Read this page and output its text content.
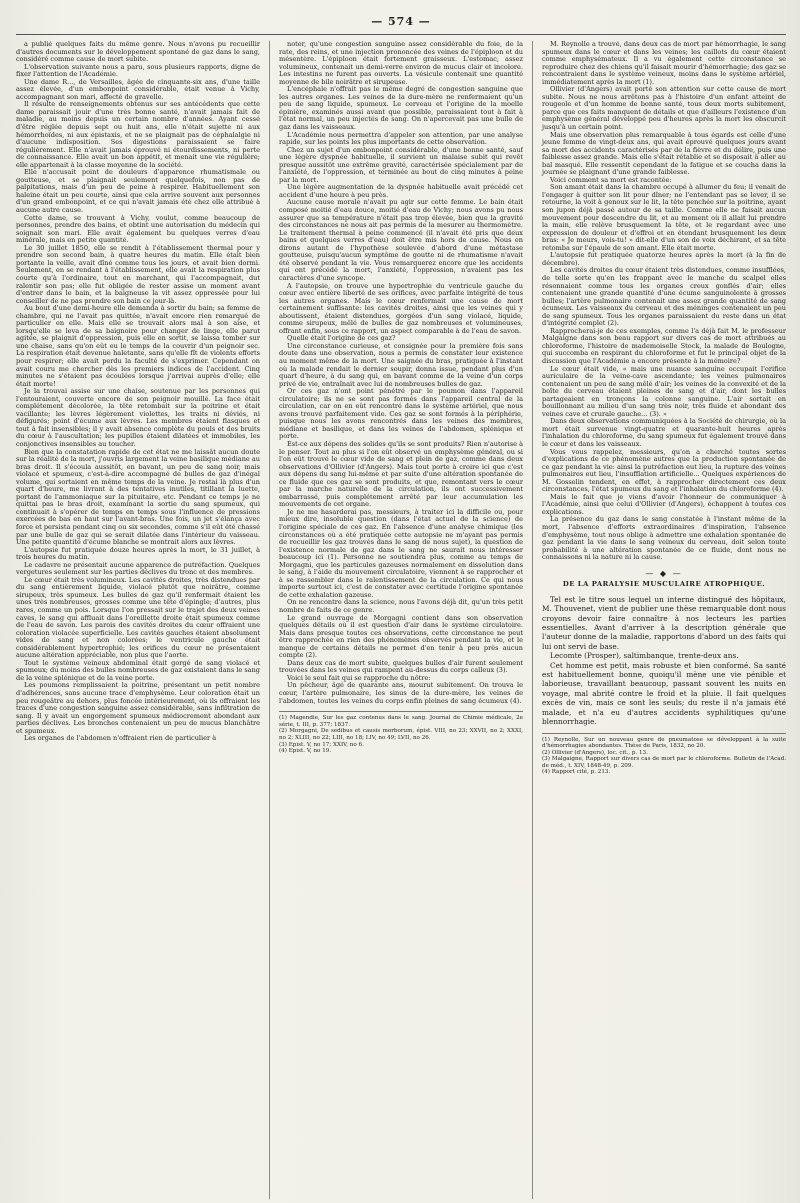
— 574 —

a publié quelques faits du même genre. Nous n'avons pu recueillir d'autres documents sur le développement spontané de gaz dans le sang, considéré comme cause de mort subite.

L'observation suivante nous a paru, sous plusieurs rapports, digne de fixer l'attention de l'Académie.

Une dame R..., de Versailles, âgée de cinquante-six ans, d'une taille assez élevée, d'un embonpoint considérable, était venue à Vichy, accompagnant son mari, affecté de gravelle.

Il résulte de renseignements obtenus sur ses antécédents que cette dame paraissait jouir d'une très bonne santé, n'avait jamais fait de maladie, au moins depuis un certain nombre d'années. Ayant cessé d'être réglée depuis sept ou huit ans, elle n'était sujette ni aux hémorrhoïdes, ni aux épistaxis, et ne se plaignait pas de céphalalgie ni d'aucune indisposition. Ses digestions paraissaient se faire régulièrement. Elle n'avait jamais éprouvé ni étourdissements, ni perte de connaissance. Elle avait un bon appétit, et menait une vie régulière; elle appartenait à la classe moyenne de la société.

Elle n'accusait point de douleurs d'apparence rhumatismale ou goutteuse, et se plaignait seulement quelquefois, non pas de palpitations, mais d'un peu de peine à respirer. Habituellement son haleine était un peu courte, ainsi que cela arrive souvent aux personnes d'un grand embonpoint, et ce qui n'avait jamais été chez elle attribué à aucune autre cause.

Cette dame, se trouvant à Vichy, voulut, comme beaucoup de personnes, prendre des bains, et obtint une autorisation du médecin qui soignait son mari. Elle avait également bu quelques verres d'eau minérale, mais en petite quantité.

Le 30 juillet 1850, elle se rendit à l'établissement thermal pour y prendre son second bain, à quatre heures du matin. Elle était bien portante la veille, avait dîné comme tous les jours, et avait bien dormi. Seulement, en se rendant à l'établissement, elle avait la respiration plus courte qu'à l'ordinaire, tout en marchant, qui l'accompagnait, dut ralentir son pas; elle fut obligée de rester assise un moment avant d'entrer dans le bain, et la baigneuse la vit assez oppressée pour lui conseiller de ne pas prendre son bain ce jour-là.

Au bout d'une demi-heure elle demanda à sortir du bain; sa femme de chambre, qui ne l'avait pas quittée, n'avait encore rien remarqué de particulier en elle. Mais elle se trouvait alors mal à son aise, et lorsqu'elle se leva de sa baignoire pour changer de linge, elle parut agitée, se plaignit d'oppression, puis elle en sortit, se laissa tomber sur une chaise, sans qu'on eût eu le temps de la couvrir d'un peignoir sec. La respiration était devenue haletante, sans qu'elle fît de violents efforts pour respirer; elle avait perdu la faculté de s'exprimer. Cependant on avait couru me chercher dès les premiers indices de l'accident. Cinq minutes ne s'étaient pas écoulées lorsque j'arrivai auprès d'elle; elle était morte!

Je la trouvai assise sur une chaise, soutenue par les personnes qui l'entouraient, couverte encore de son peignoir mouillé. La face était complétement décolorée, la tête retombait sur la poitrine et était vacillante; les lèvres légèrement violettes, les traits ni déviés, ni défigurés; point d'écume aux lèvres. Les membres étaient flasques et tout à fait insensibles; il y avait absence complète du pouls et des bruits du cœur à l'auscultation; les pupilles étaient dilatées et immobiles, les conjonctives insensibles au toucher.

Bien que la constatation rapide de cet état ne me laissât aucun doute sur la réalité de la mort, j'ouvris largement la veine basilique médiane au bras droit. Il s'écoula aussitôt, en bavant, un peu de sang noir, mais violacé et spumeux, c'est-à-dire accompagné de bulles de gaz d'inégal volume, qui sortaient en même temps de la veine. Je restai là plus d'un quart d'heure, me livrant à des tentatives inutiles, titillant la luette, portant de l'ammoniaque sur la pituitaire, etc. Pendant ce temps je ne quittai pas le bras droit, examinant la sortie du sang spumeux, qui continuait à s'opérer de temps en temps sous l'influence de pressions exercées de bas en haut sur l'avant-bras. Une fois, un jet s'élança avec force et persista pendant cinq ou six secondes, comme s'il eût été chassé par une bulle de gaz qui se serait dilatée dans l'intérieur du vaisseau. Une petite quantité d'écume blanche se montrait alors aux lèvres.

L'autopsie fut pratiquée douze heures après la mort, le 31 juillet, à trois heures du matin.

Le cadavre ne présentait aucune apparence de putréfaction. Quelques vergetures seulement sur les parties déclives du tronc et des membres.

Le cœur était très volumineux. Les cavités droites, très distendues par du sang entièrement liquide, violacé plutôt que noirâtre, comme sirupeux, très spumeux. Les bulles de gaz qu'il renfermait étaient les unes très nombreuses, grosses comme une tête d'épingle; d'autres, plus rares, comme un pois. Lorsque l'on pressait sur le trajet des deux veines caves, le sang qui affluait dans l'oreillette droite était spumeux comme de l'eau de savon. Les parois des cavités droites du cœur offraient une coloration violacée superficielle. Les cavités gauches étaient absolument vides de sang et non colorées; le ventricule gauche était considérablement hypertrophié; les orifices du cœur ne présentaient aucune altération appréciable, non plus que l'aorte.

Tout le système veineux abdominal était gorgé de sang violacé et spumeux; du moins des bulles nombreuses de gaz existaient dans le sang de la veine splénique et de la veine porte.

Les poumons remplissaient la poitrine, présentant un petit nombre d'adhérences, sans aucune trace d'emphysème. Leur coloration était un peu rougeâtre au dehors, plus foncée intérieurement, où ils offraient les traces d'une congestion sanguine assez considérable, sans infiltration de sang. Il y avait un engorgement spumeux médiocrement abondant aux parties déclives. Les bronches contenaient un peu de mucus blanchâtre et spumeux.

Les organes de l'abdomen n'offraient rien de particulier à

noter, qu'une congestion sanguine assez considérable du foie, de la rate, des reins, et une injection prononcée des veines de l'épiploon et du mésentère. L'épiploon était fortement graisseux. L'estomac, assez volumineux, contenait un demi-verre environ de mucus clair et incolore. Les intestins ne furent pas ouverts. La vésicule contenait une quantité moyenne de bile noirâtre et sirupeuse.

L'encéphale n'offrait pas le même degré de congestion sanguine que les autres organes. Les veines de la dure-mère ne renfermaient qu'un peu de sang liquide, spumeux. Le cerveau et l'origine de la moelle épinière, examinés aussi avant que possible, paraissaient tout à fait à l'état normal, un peu injectés de sang. On n'apercevait pas une bulle de gaz dans les vaisseaux.

L'Académie nous permettra d'appeler son attention, par une analyse rapide, sur les points les plus importants de cette observation.

Chez un sujet d'un embonpoint considérable, d'une bonne santé, sauf une légère dyspnée habituelle, il survient un malaise subit qui revêt presque aussitôt une extrême gravité, caractérisée spécialement par de l'anxiété, de l'oppression, et terminée au bout de cinq minutes à peine par la mort.

Une légère augmentation de la dyspnée habituelle avait précédé cet accident d'une heure à peu près.

Aucune cause morale n'avait pu agir sur cette femme. Le bain était composé moitié d'eau douce, moitié d'eau de Vichy; nous avons pu nous assurer que sa température n'était pas trop élevée, bien que la gravité des circonstances ne nous ait pas permis de la mesurer au thermomètre. Le traitement thermal à peine commencé (il n'avait été pris que deux bains et quelques verres d'eau) doit être mis hors de cause. Nous en dirons autant de l'hypothèse soulevée d'abord d'une métastase goutteuse, puisqu'aucun symptôme de goutte ni de rhumatisme n'avait été observé pendant la vie. Vous remarquerez encore que les accidents qui ont précédé la mort, l'anxiété, l'oppression, n'avaient pas les caractères d'une syncope.

A l'autopsie, on trouve une hypertrophie du ventricule gauche du cœur avec entière liberté de ses orifices, avec parfaite intégrité de tous les autres organes. Mais le cœur renfermait une cause de mort certainement suffisante: les cavités droites, ainsi que les veines qui y aboutissent, étaient distendues, gorgées d'un sang violacé, liquide, comme sirupeux, mêlé de bulles de gaz nombreuses et volumineuses, offrant enfin, sous ce rapport, un aspect comparable à de l'eau de savon.

Quelle était l'origine de ces gaz?

Une circonstance curieuse, et consignée pour la première fois sans doute dans une observation, nous a permis de constater leur existence au moment même de la mort. Une saignée du bras, pratiquée à l'instant où la malade rendait le dernier soupir, donna issue, pendant plus d'un quart d'heure, à du sang qui, en bavant comme de la veine d'un corps privé de vie, entraînait avec lui de nombreuses bulles de gaz.

Or ces gaz n'ont point pénétré par le poumon dans l'appareil circulatoire; ils ne se sont pas formés dans l'appareil central de la circulation, car on en eût rencontré dans le système artériel, que nous avons trouvé parfaitement vide. Ces gaz se sont formés à la périphérie, puisque nous les avons rencontrés dans les veines des membres, médiane et basilique, et dans les veines de l'abdomen, splénique et porte.

Est-ce aux dépens des solides qu'ils se sont produits? Rien n'autorise à le penser. Tout au plus si l'on eût observé un emphysème général, ou si l'on eût trouvé le cœur vide de sang et plein de gaz, comme dans deux observations d'Ollivier (d'Angers). Mais tout porte à croire ici que c'est aux dépens du sang lui-même et par suite d'une altération spontanée de ce fluide que ces gaz se sont produits, et que, remontant vers le cœur par la marche naturelle de la circulation, ils ont successivement embarrassé, puis complétement arrêté par leur accumulation les mouvements de cet organe.

Je ne me hasarderai pas, messieurs, à traiter ici la difficile ou, pour mieux dire, insoluble question (dans l'état actuel de la science) de l'origine spéciale de ces gaz. En l'absence d'une analyse chimique (les circonstances où a été pratiquée cette autopsie ne m'ayant pas permis de recueillir les gaz trouvés dans le sang de nous sujet), la question de l'existence normale de gaz dans le sang ne saurait nous intéresser beaucoup ici (1). Personne ne soutiendra plus, comme au temps de Morgagni, que les particules gazeuses normalement en dissolution dans le sang, à l'aide du mouvement circulatoire, viennent à se rapprocher et à se rassembler dans le ralentissement de la circulation. Ce qui nous importe surtout ici, c'est de constater avec certitude l'origine spontanée de cette exhalation gazeuse.

On ne rencontre dans la science, nous l'avons déjà dit, qu'un très petit nombre de faits de ce genre.

Le grand ouvrage de Morgagni contient dans son observation quelques détails où il est question d'air dans le système circulatoire. Mais dans presque toutes ces observations, cette circonstance ne peut être rapprochée en rien des phénomènes observés pendant la vie, et le manque de certains détails ne permet d'en tenir à peu près aucun compte (2).

Dans deux cas de mort subite, quelques bulles d'air furent seulement trouvées dans les veines qui rampent au-dessus du corps calleux (3).

Voici le seul fait qui se rapproche du nôtre:

Un pêcheur, âgé de quarante ans, mourut subitement. On trouva le cœur, l'artère pulmonaire, les sinus de la dure-mère, les veines de l'abdomen, toutes les veines du corps enfin pleines de sang écumeux (4).

(1) Magendie, Sur les gaz contenus dans le sang. Journal de Chimie médicale, 2e série, t. III, p. 377; 1837.

(2) Morgagni, De sedibus et causis morborum, épist. VIII, no 23; XXVII, no 2; XXXI, no 2; XLIII, no 22; LIII, no 18; LIV, no 49; LVII, no 26.

(3) Epist. V, no 17; XXIV, no 6.

(4) Epist. V, no 19.

M. Reynolle a trouvé, dans deux cas de mort par hémorrhagie, le sang spumeux dans le cœur et dans les veines; les caillots du cœur étaient comme emphysémateux. Il a vu également cette circonstance se reproduire chez des chiens qu'il faisait mourir d'hémorrhagie; des gaz se rencontraient dans le système veineux, moins dans le système artériel, immédiatement après la mort (1).

Ollivier (d'Angers) avait porté son attention sur cette cause de mort subite. Nous ne nous arrêtons pas à l'histoire d'un enfant atteint de rougeole et d'un homme de bonne santé, tous deux morts subitement, parce que ces faits manquent de détails et que d'ailleurs l'existence d'un emphysème général développé peu d'heures après la mort les obscurcit jusqu'à un certain point.

Mais une observation plus remarquable à tous égards est celle d'une jeune femme de vingt-deux ans, qui avait éprouvé quelques jours avant sa mort des accidents caractérisés par de la fièvre et du délire, puis une faiblesse assez grande. Mais elle s'était rétablie et se disposait à aller au bal masqué. Elle ressentit cependant de la fatigue et se coucha dans la journée se plaignant d'une grande faiblesse.

Voici comment sa mort est racontée:

Son amant était dans la chambre occupé à allumer du feu; il venait de l'engager à quitter son lit pour dîner; ne l'entendant pas se lever, il se retourne, la voit à genoux sur le lit, la tête penchée sur la poitrine, ayant son jupon déjà passé autour de sa taille. Comme elle ne faisait aucun mouvement pour descendre du lit, et au moment où il allait lui prendre la main, elle relève brusquement la tête, et le regardant avec une expression de douleur et d'effroi et en étendant brusquement les deux bras: « Je meurs, vois-tu! » dit-elle d'un son de voix déchirant, et sa tête retomba sur l'épaule de son amant. Elle était morte.

L'autopsie fut pratiquée quatorze heures après la mort (à la fin de décembre).

Les cavités droites du cœur étaient très distendues, comme insufflées, de telle sorte qu'en les frappant avec le manche du scalpel elles résonnaient comme tous les organes creux gonflés d'air; elles contenaient une grande quantité d'une écume sanguinolente à grosses bulles; l'artère pulmonaire contenait une assez grande quantité de sang écumeux. Les vaisseaux du cerveau et des méninges contenaient un peu de sang spumeux. Tous les organes paraissaient du reste dans un état d'intégrité complet (2).

Rapprocherai-je de ces exemples, comme l'a déjà fait M. le professeur Malgaigne dans son beau rapport sur divers cas de mort attribués au chloroforme, l'histoire de mademoiselle Stock, la malade de Boulogne, qui succomba en respirant du chloroforme et fut le principal objet de la discussion que l'Académie a encore présente à la mémoire?

Le cœur était vide, « mais une nuance sanguine occupait l'orifice auriculaire de la veine-cave ascendante; les veines pulmonaires contenaient un peu de sang mêlé d'air; les veines de la convexité et de la boîte du cerveau étaient pleines de sang et d'air, dont les bulles partageaient en tronçons la colonne sanguine. L'air sortait en bouillonnant au milieu d'un sang très noir, très fluide et abondant des veines cave et crurale gauche... (3). »

Dans deux observations communiquées à la Société de chirurgie, où la mort était survenue vingt-quatre et quarante-huit heures après l'inhalation du chloroforme, du sang spumeux fut également trouvé dans le cœur et dans les vaisseaux.

Vous vous rappelez, messieurs, qu'on a cherché toutes sortes d'explications de ce phénomène autres que la production spontanée de ce gaz pendant la vie: ainsi la putréfaction eut lieu, la rupture des veines pulmonaires eut lieu, l'insufflation artificielle... Quelques expériences de M. Gosselin tendent, en effet, à rapprocher directement ces deux circonstances, l'état spumeux du sang et l'inhalation du chloroforme (4).

Mais le fait que je viens d'avoir l'honneur de communiquer à l'Académie, ainsi que celui d'Ollivier (d'Angers), échappent à toutes ces explications.

La présence du gaz dans le sang constatée à l'instant même de la mort, l'absence d'efforts extraordinaires d'inspiration, l'absence d'emphysème, tout nous oblige à admettre une exhalation spontanée de gaz pendant la vie dans le sang veineux du cerveau, doit selon toute probabilité à une altération spontanée de ce fluide, dont nous ne connaissons ni la nature ni la cause.

— ◆ —
DE LA PARALYSIE MUSCULAIRE ATROPHIQUE.

Tel est le titre sous lequel un interne distingué des hôpitaux, M. Thouvenet, vient de publier une thèse remarquable dont nous croyons devoir faire connaître à nos lecteurs les parties essentielles. Avant d'arriver à la description générale que l'auteur donne de la maladie, rapportons d'abord un des faits qui lui ont servi de base.

Lecomte (Prosper), saltimbanque, trente-deux ans.

Cet homme est petit, mais robuste et bien conformé. Sa santé est habituellement bonne, quoiqu'il mène une vie pénible et laborieuse, travaillant beaucoup, passant souvent les nuits en voyage, mal abrité contre le froid et la pluie. Il fait quelques excès de vin, mais ce sont les seuls; du reste il n'a jamais été malade, et n'a eu d'autres accidents syphilitiques qu'une blennorrhagie.

(1) Reynolle, Sur un nouveau genre de pneumatose se développant à la suite d'hémorrhagies abondantes. Thèse de Paris, 1832, no 20.

(2) Ollivier (d'Angers), loc. cit., p. 13.

(3) Malgaigne, Rapport sur divers cas de mort par le chloroforme. Bulletin de l'Acad. de méd., t. XIV, 1848-49, p. 209.

(4) Rapport cité, p. 213.
